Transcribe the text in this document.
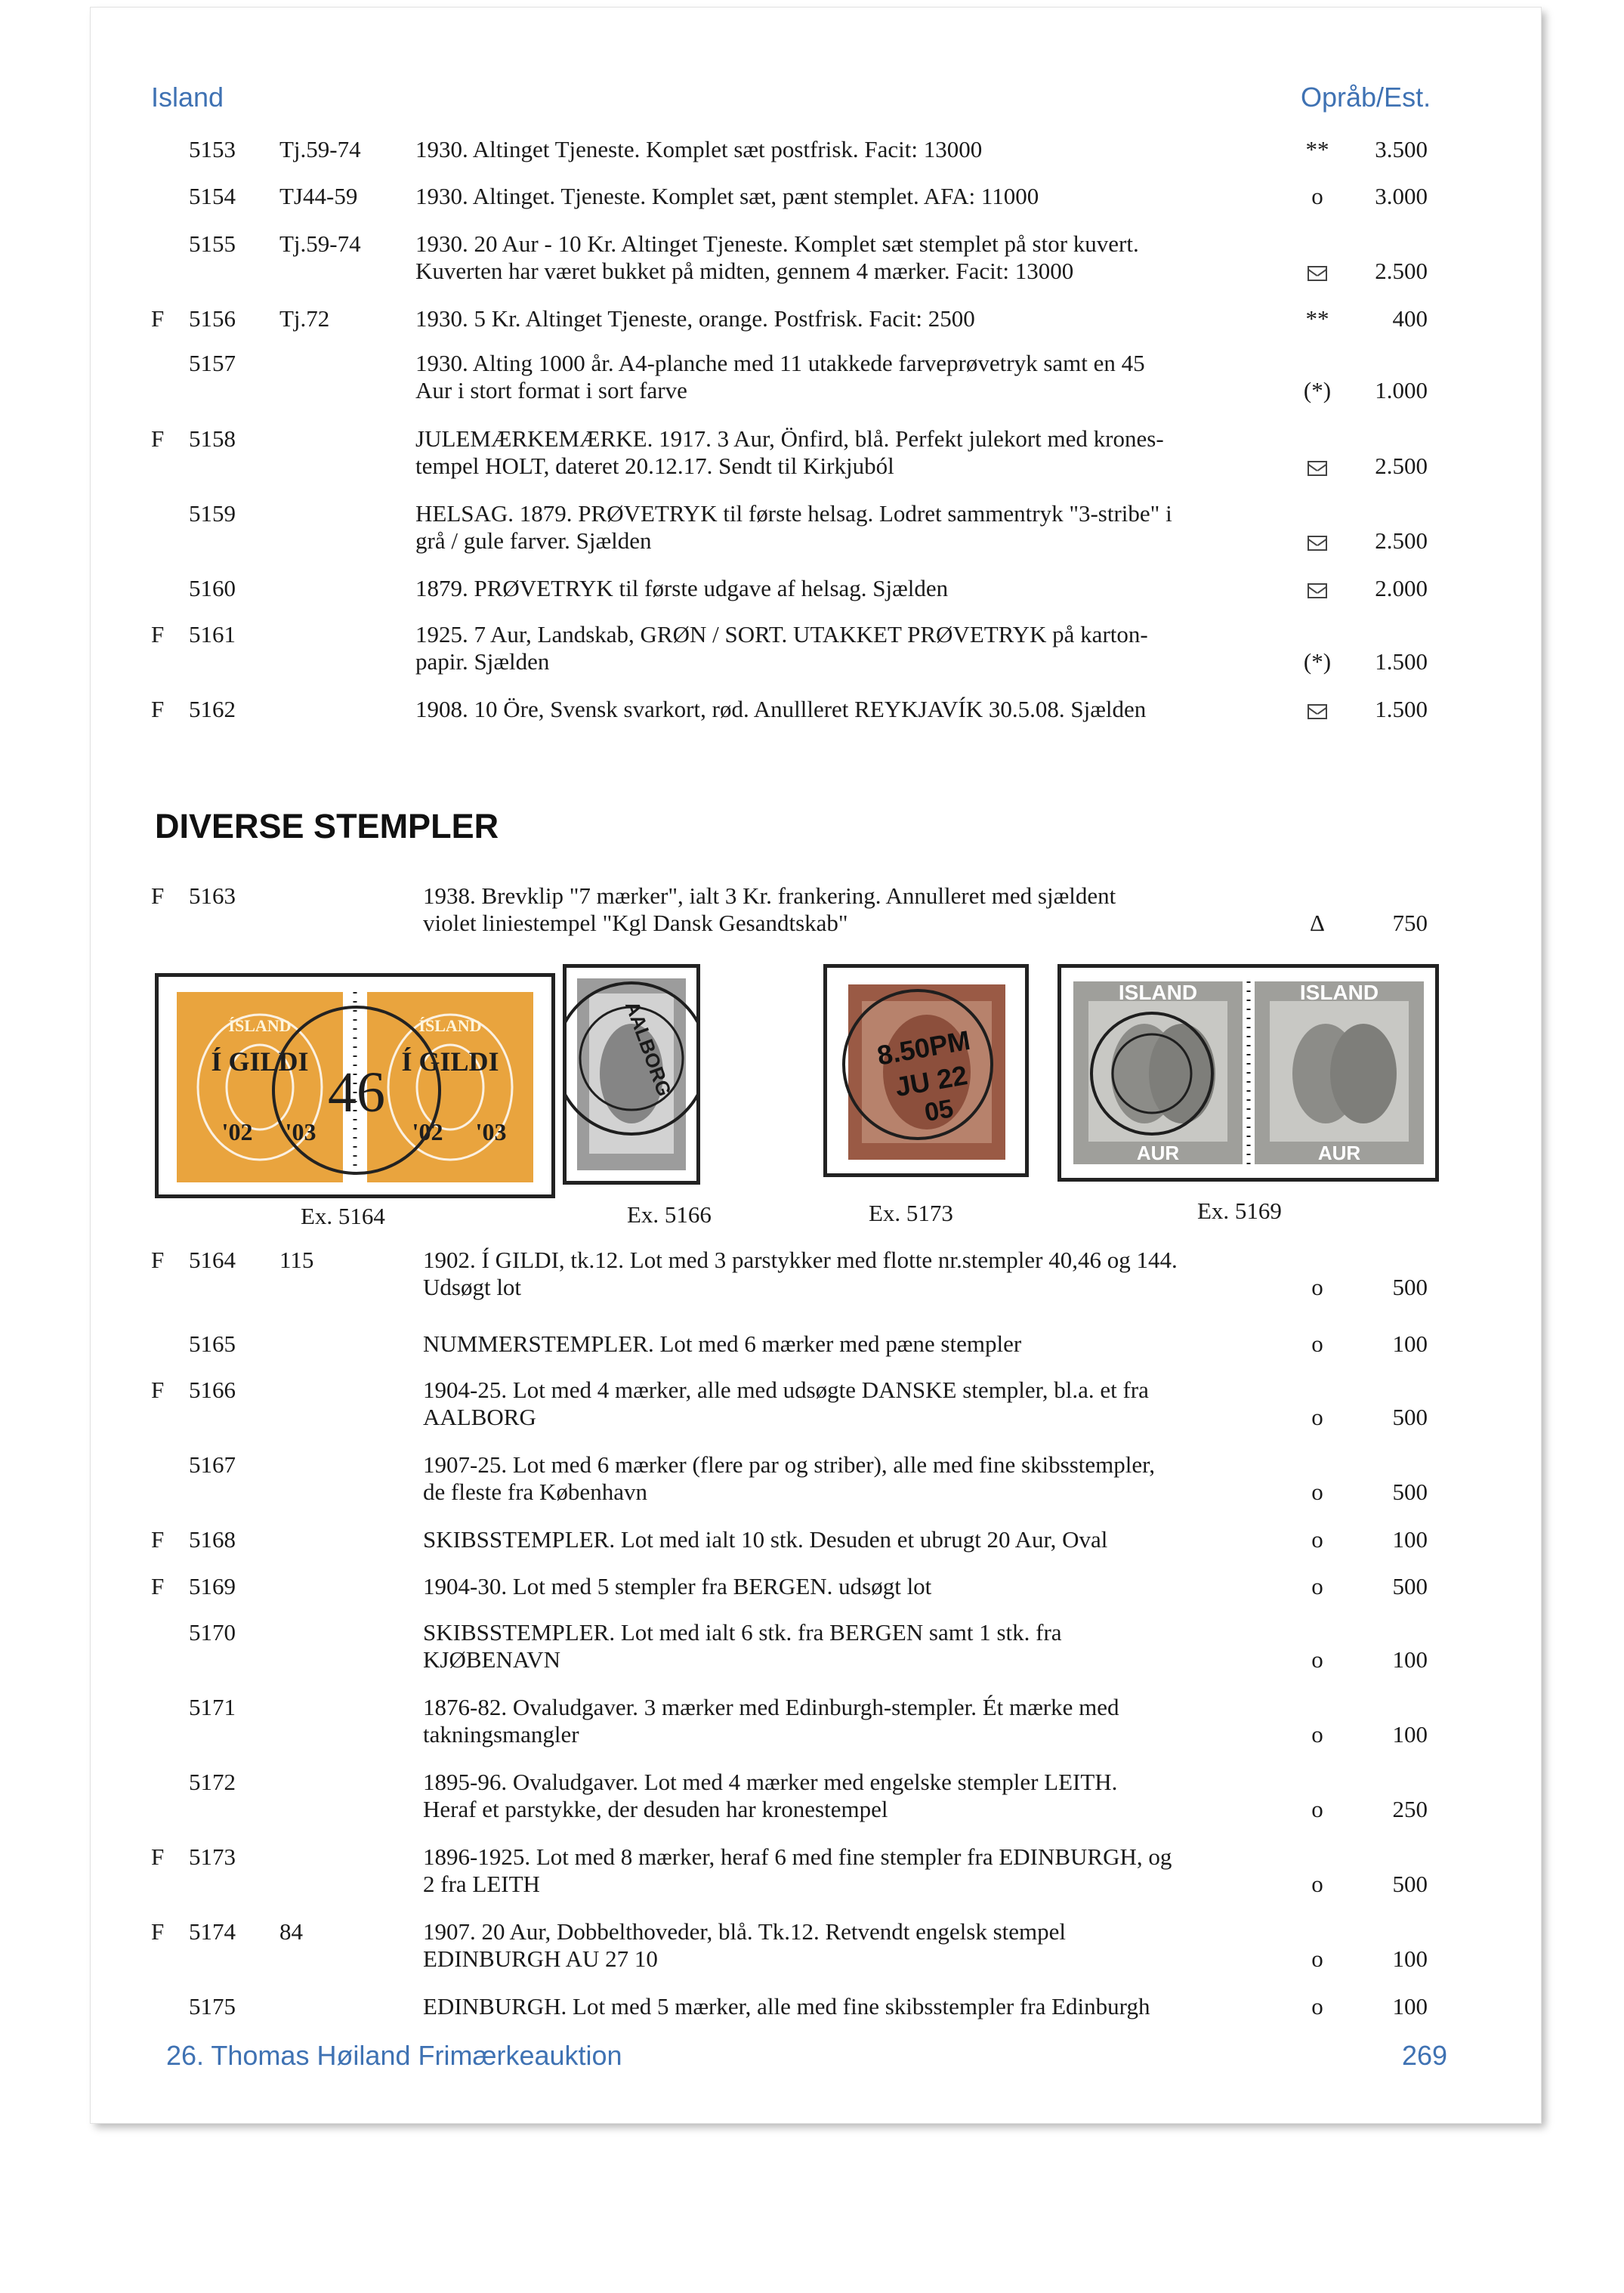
Island	Opråb/Est.
5153 Tj.59-74 1930. Altinget Tjeneste. Komplet sæt postfrisk. Facit: 13000	**	3.500
5154 TJ44-59 1930. Altinget. Tjeneste. Komplet sæt, pænt stemplet. AFA: 11000	o	3.000
5155 Tj.59-74 1930. 20 Aur - 10 Kr. Altinget Tjeneste. Komplet sæt stemplet på stor kuvert.
Kuverten har været bukket på midten, gennem 4 mærker. Facit: 13000	2.500
F 5156 Tj.72	1930. 5 Kr. Altinget Tjeneste, orange. Postfrisk. Facit: 2500	**	400
5157	1930. Alting 1000 år. A4-planche med 11 utakkede farveprøvetryk samt en 45
Aur i stort format i sort farve	(*)	1.000
F 5158	JULEMÆRKEMÆRKE. 1917. 3 Aur, Önfird, blå. Perfekt julekort med krones-
tempel HOLT, dateret 20.12.17. Sendt til Kirkjuból	2.500
5159	HELSAG. 1879. PRØVETRYK til første helsag. Lodret sammentryk "3-stribe" i
grå / gule farver. Sjælden	2.500
5160	1879. PRØVETRYK til første udgave af helsag. Sjælden	2.000
F 5161	1925. 7 Aur, Landskab, GRØN / SORT. UTAKKET PRØVETRYK på karton-
papir. Sjælden	(*)	1.500
F 5162	1908. 10 Öre, Svensk svarkort, rød. Anullleret REYKJAVÍK 30.5.08. Sjælden	1.500
DIVERSE STEMPLER
F 5163	1938. Brevklip "7 mærker", ialt 3 Kr. frankering. Annulleret med sjældent
violet liniestempel "Kgl Dansk Gesandtskab"	Δ	750
ÍSLAND	ÍSLAND
Í GILDI	Í GILDI
'02 '03	'02 '03
46	AALBORG	8.50PM
JU 22
05
ISLAND	ISLAND
AUR	AUR
Ex. 5164	Ex. 5166	Ex. 5173	Ex. 5169
F 5164 115	1902. Í GILDI, tk.12. Lot med 3 parstykker med flotte nr.stempler 40,46 og 144.
Udsøgt lot	o	500
5165	NUMMERSTEMPLER. Lot med 6 mærker med pæne stempler	o	100
F 5166	1904-25. Lot med 4 mærker, alle med udsøgte DANSKE stempler, bl.a. et fra
AALBORG	o	500
5167	1907-25. Lot med 6 mærker (flere par og striber), alle med fine skibsstempler,
de fleste fra København	o	500
F 5168	SKIBSSTEMPLER. Lot med ialt 10 stk. Desuden et ubrugt 20 Aur, Oval	o	100
F 5169	1904-30. Lot med 5 stempler fra BERGEN. udsøgt lot	o	500
5170	SKIBSSTEMPLER. Lot med ialt 6 stk. fra BERGEN samt 1 stk. fra
KJØBENAVN	o	100
5171	1876-82. Ovaludgaver. 3 mærker med Edinburgh-stempler. Ét mærke med
takningsmangler	o	100
5172	1895-96. Ovaludgaver. Lot med 4 mærker med engelske stempler LEITH.
Heraf et parstykke, der desuden har kronestempel	o	250
F 5173	1896-1925. Lot med 8 mærker, heraf 6 med fine stempler fra EDINBURGH, og
2 fra LEITH	o	500
F 5174 84	1907. 20 Aur, Dobbelthoveder, blå. Tk.12. Retvendt engelsk stempel
EDINBURGH AU 27 10	o	100
5175	EDINBURGH. Lot med 5 mærker, alle med fine skibsstempler fra Edinburgh	o	100
26. Thomas Høiland Frimærkeauktion	269
